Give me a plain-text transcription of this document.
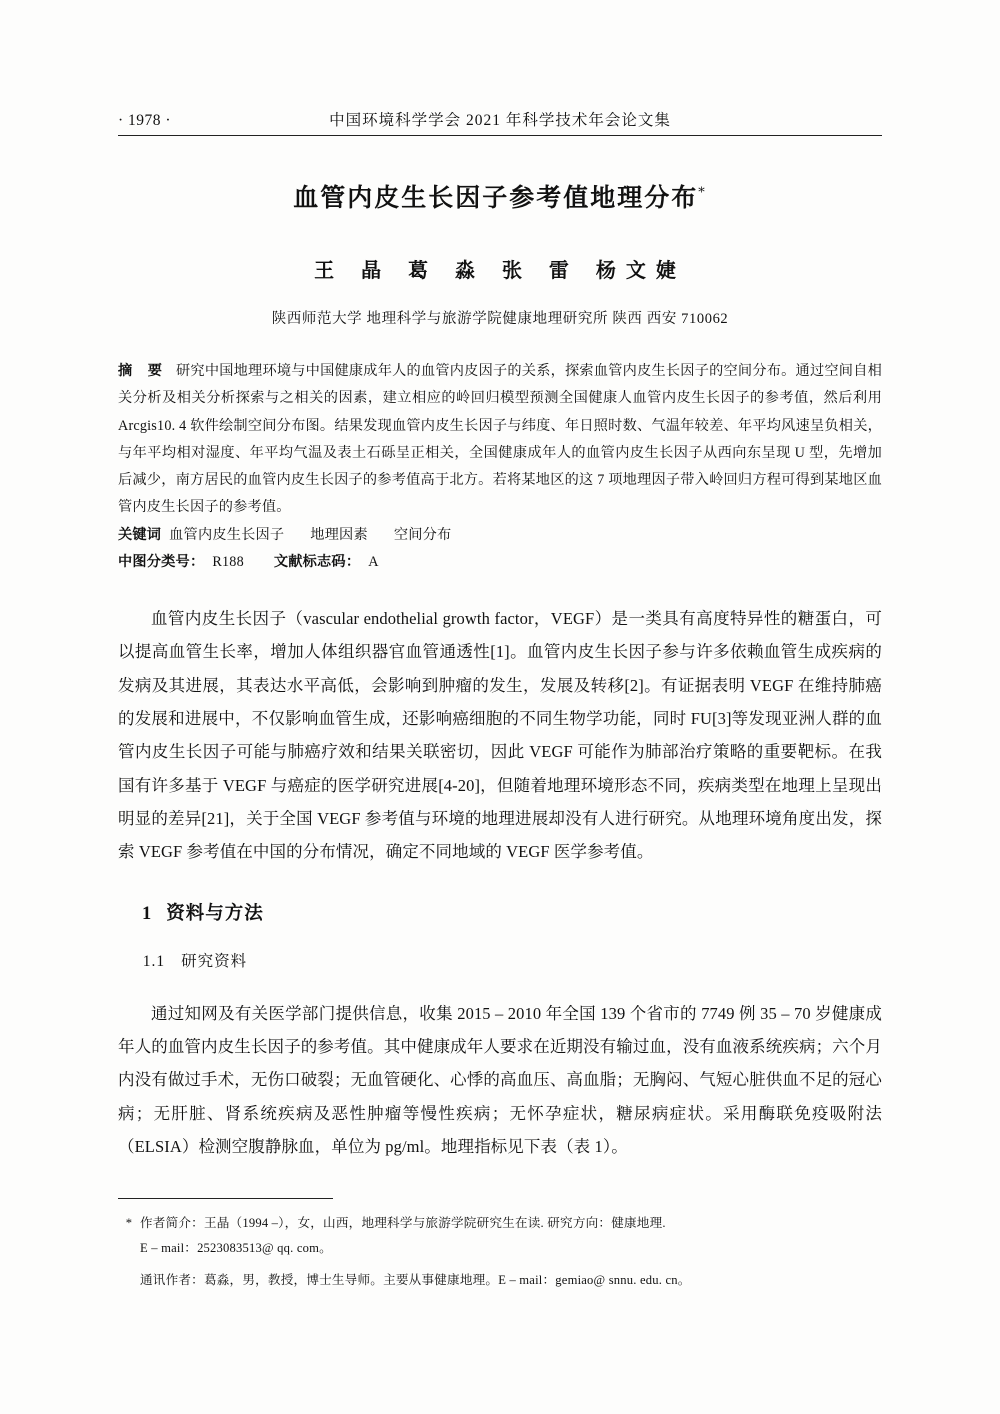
· 1978 ·	中国环境科学学会 2021 年科学技术年会论文集
血管内皮生长因子参考值地理分布*
王 晶 葛 淼 张 雷 杨文婕
陕西师范大学 地理科学与旅游学院健康地理研究所 陕西 西安 710062
摘 要 研究中国地理环境与中国健康成年人的血管内皮因子的关系，探索血管内皮生长因子的空间分布。通过空间自相关分析及相关分析探索与之相关的因素，建立相应的岭回归模型预测全国健康人血管内皮生长因子的参考值，然后利用 Arcgis10. 4 软件绘制空间分布图。结果发现血管内皮生长因子与纬度、年日照时数、气温年较差、年平均风速呈负相关，与年平均相对湿度、年平均气温及表土石砾呈正相关，全国健康成年人的血管内皮生长因子从西向东呈现 U 型，先增加后减少，南方居民的血管内皮生长因子的参考值高于北方。若将某地区的这 7 项地理因子带入岭回归方程可得到某地区血管内皮生长因子的参考值。
关键词 血管内皮生长因子 地理因素 空间分布
中图分类号： R188 文献标志码： A

血管内皮生长因子（vascular endothelial growth factor，VEGF）是一类具有高度特异性的糖蛋白，可以提高血管生长率，增加人体组织器官血管通透性[1]。血管内皮生长因子参与许多依赖血管生成疾病的发病及其进展，其表达水平高低，会影响到肿瘤的发生，发展及转移[2]。有证据表明 VEGF 在维持肺癌的发展和进展中，不仅影响血管生成，还影响癌细胞的不同生物学功能，同时 FU[3]等发现亚洲人群的血管内皮生长因子可能与肺癌疗效和结果关联密切，因此 VEGF 可能作为肺部治疗策略的重要靶标。在我国有许多基于 VEGF 与癌症的医学研究进展[4-20]，但随着地理环境形态不同，疾病类型在地理上呈现出明显的差异[21]，关于全国 VEGF 参考值与环境的地理进展却没有人进行研究。从地理环境角度出发，探索 VEGF 参考值在中国的分布情况，确定不同地域的 VEGF 医学参考值。

1 资料与方法
1.1 研究资料

通过知网及有关医学部门提供信息，收集 2015 – 2010 年全国 139 个省市的 7749 例 35 – 70 岁健康成年人的血管内皮生长因子的参考值。其中健康成年人要求在近期没有输过血，没有血液系统疾病；六个月内没有做过手术，无伤口破裂；无血管硬化、心悸的高血压、高血脂；无胸闷、气短心脏供血不足的冠心病；无肝脏、肾系统疾病及恶性肿瘤等慢性疾病；无怀孕症状，糖尿病症状。采用酶联免疫吸附法（ELSIA）检测空腹静脉血，单位为 pg/ml。地理指标见下表（表 1）。

* 作者简介：王晶（1994 –），女，山西，地理科学与旅游学院研究生在读. 研究方向：健康地理.
E – mail：2523083513@ qq. com。
通讯作者：葛淼，男，教授，博士生导师。主要从事健康地理。E – mail：gemiao@ snnu. edu. cn。
